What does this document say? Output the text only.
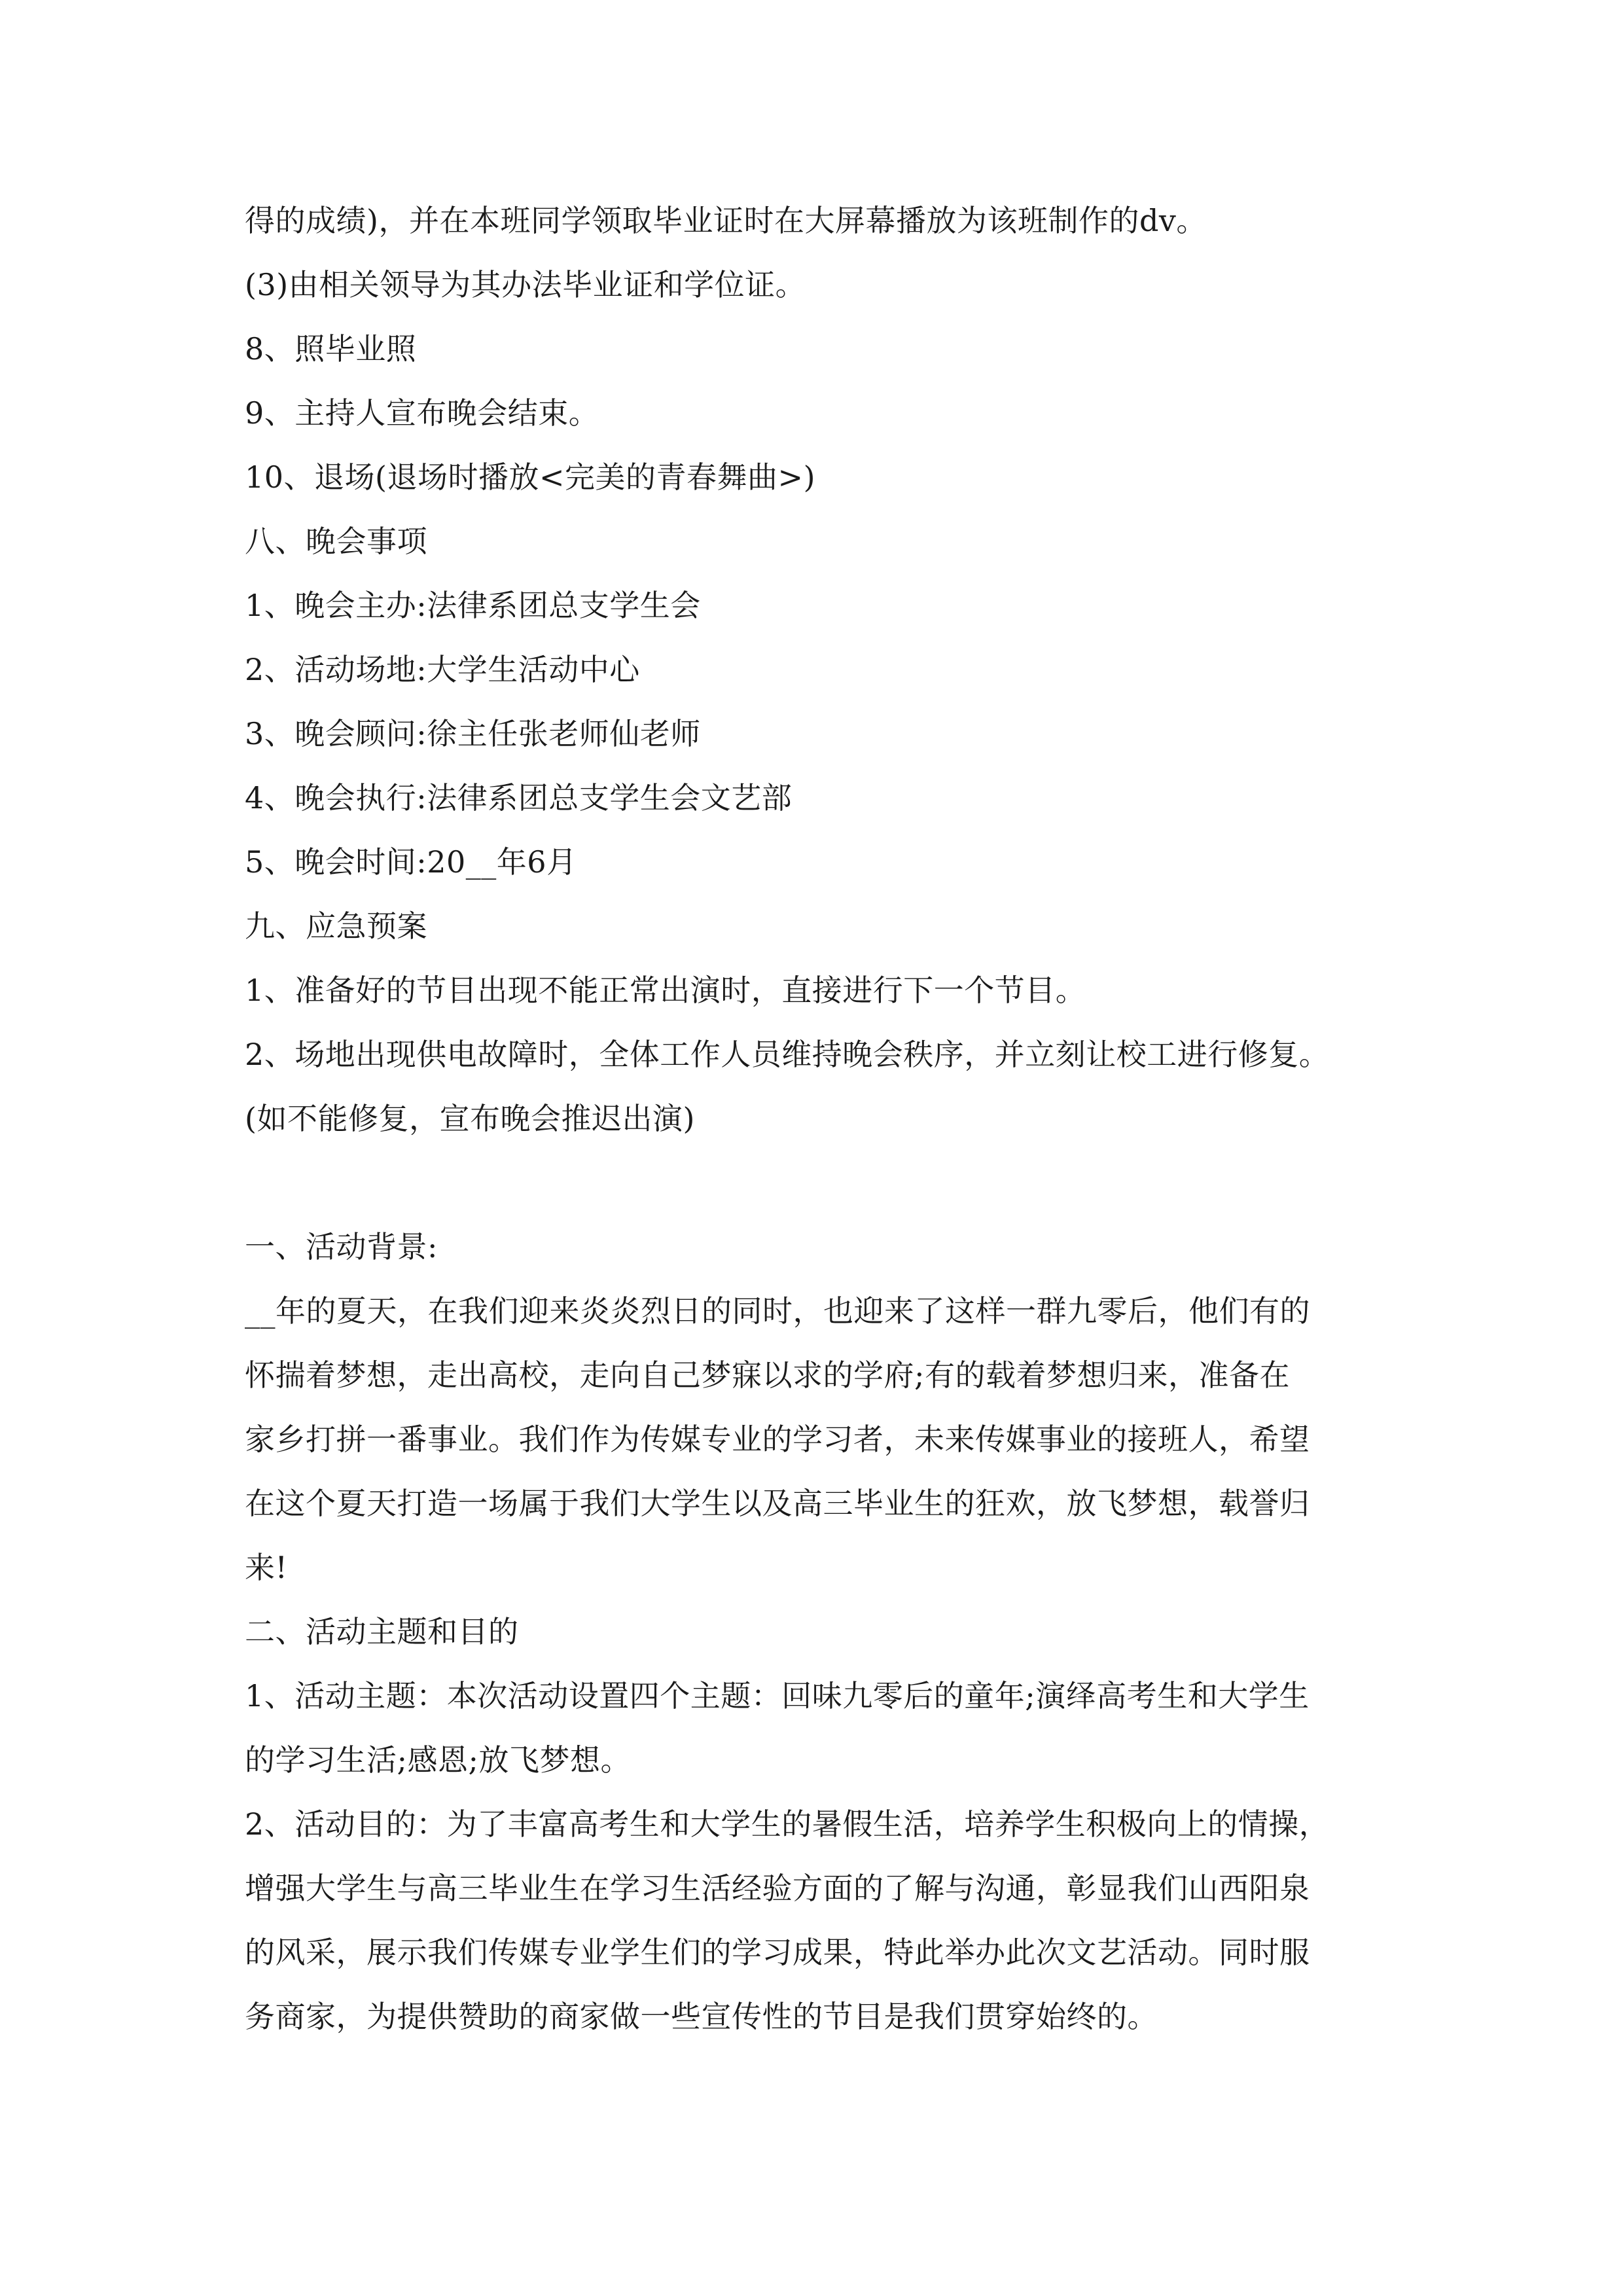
得的成绩)，并在本班同学领取毕业证时在大屏幕播放为该班制作的dv。
(3)由相关领导为其办法毕业证和学位证。
8、照毕业照
9、主持人宣布晚会结束。
10、退场(退场时播放<完美的青春舞曲>)
八、晚会事项
1、晚会主办:法律系团总支学生会
2、活动场地:大学生活动中心
3、晚会顾问:徐主任张老师仙老师
4、晚会执行:法律系团总支学生会文艺部
5、晚会时间:20__年6月
九、应急预案
1、准备好的节目出现不能正常出演时，直接进行下一个节目。
2、场地出现供电故障时，全体工作人员维持晚会秩序，并立刻让校工进行修复。
(如不能修复，宣布晚会推迟出演)
一、活动背景:
__年的夏天，在我们迎来炎炎烈日的同时，也迎来了这样一群九零后，他们有的
怀揣着梦想，走出高校，走向自己梦寐以求的学府;有的载着梦想归来，准备在
家乡打拼一番事业。我们作为传媒专业的学习者，未来传媒事业的接班人，希望
在这个夏天打造一场属于我们大学生以及高三毕业生的狂欢，放飞梦想，载誉归
来!
二、活动主题和目的
1、活动主题：本次活动设置四个主题：回味九零后的童年;演绎高考生和大学生
的学习生活;感恩;放飞梦想。
2、活动目的：为了丰富高考生和大学生的暑假生活，培养学生积极向上的情操，
增强大学生与高三毕业生在学习生活经验方面的了解与沟通，彰显我们山西阳泉
的风采，展示我们传媒专业学生们的学习成果，特此举办此次文艺活动。同时服
务商家，为提供赞助的商家做一些宣传性的节目是我们贯穿始终的。
